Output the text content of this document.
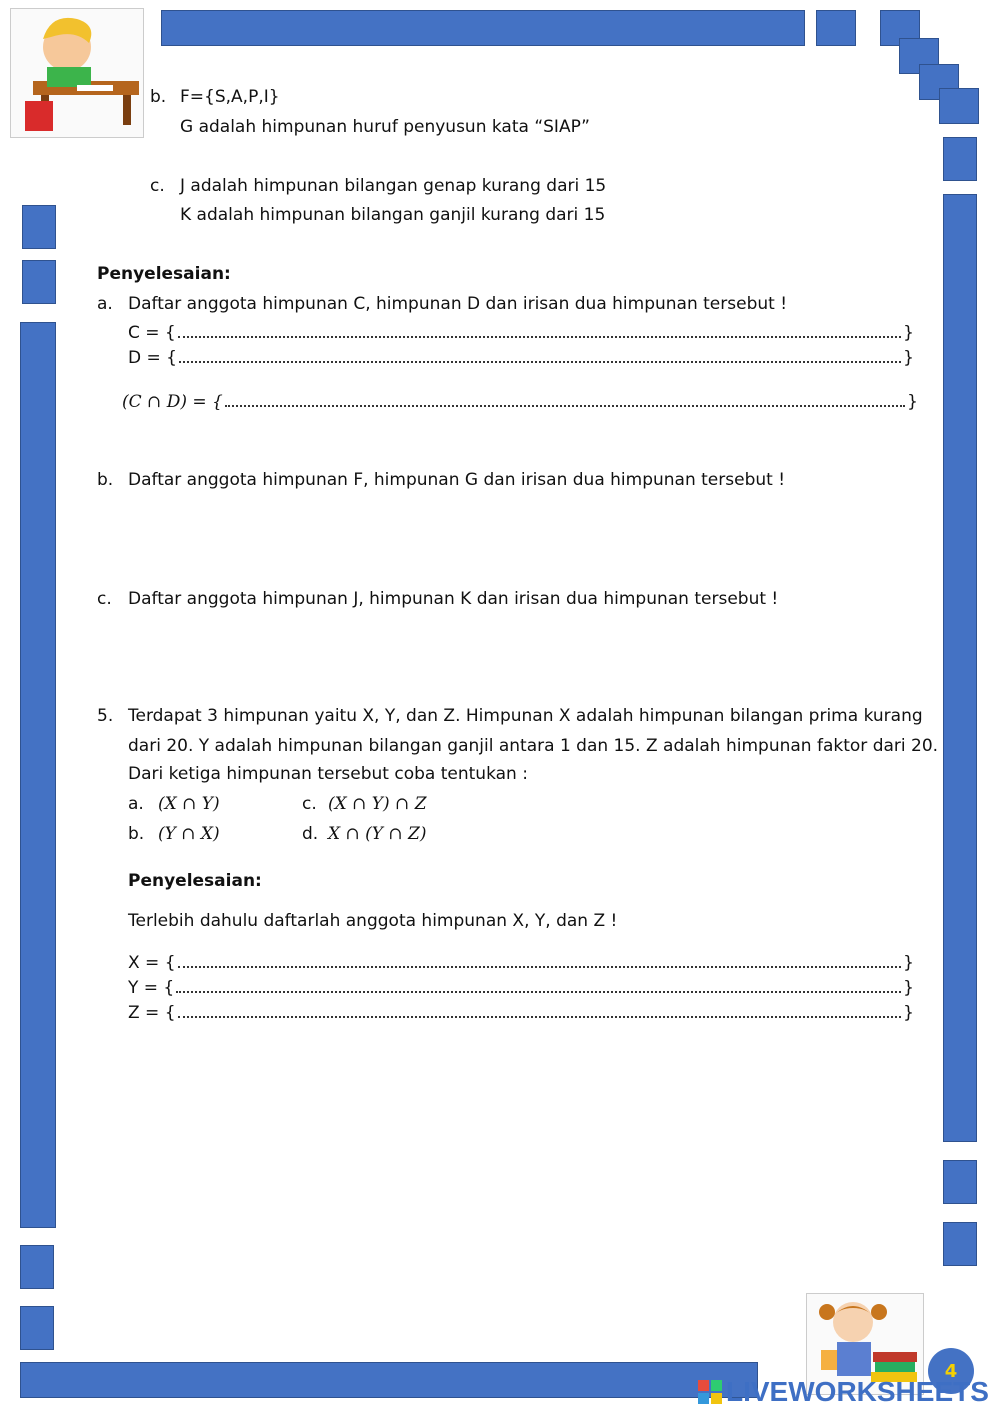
b. F={S,A,P,I}
G adalah himpunan huruf penyusun kata “SIAP”
c. J adalah himpunan bilangan genap kurang dari 15
K adalah himpunan bilangan ganjil kurang dari 15
Penyelesaian:
a. Daftar anggota himpunan C, himpunan D dan irisan dua himpunan tersebut !
C = {	}
D = {	}
(C ∩ D) = {	}
b. Daftar anggota himpunan F, himpunan G dan irisan dua himpunan tersebut !
c. Daftar anggota himpunan J, himpunan K dan irisan dua himpunan tersebut !
5. Terdapat 3 himpunan yaitu X, Y, dan Z. Himpunan X adalah himpunan bilangan prima kurang
dari 20. Y adalah himpunan bilangan ganjil antara 1 dan 15. Z adalah himpunan faktor dari 20.
Dari ketiga himpunan tersebut coba tentukan :
a. (X ∩ Y)	c. (X ∩ Y) ∩ Z
b. (Y ∩ X)	d. X ∩ (Y ∩ Z)
Penyelesaian:
Terlebih dahulu daftarlah anggota himpunan X, Y, dan Z !
X = {	}
Y = {	}
Z = {	}
4
LIVEWORKSHEETS
